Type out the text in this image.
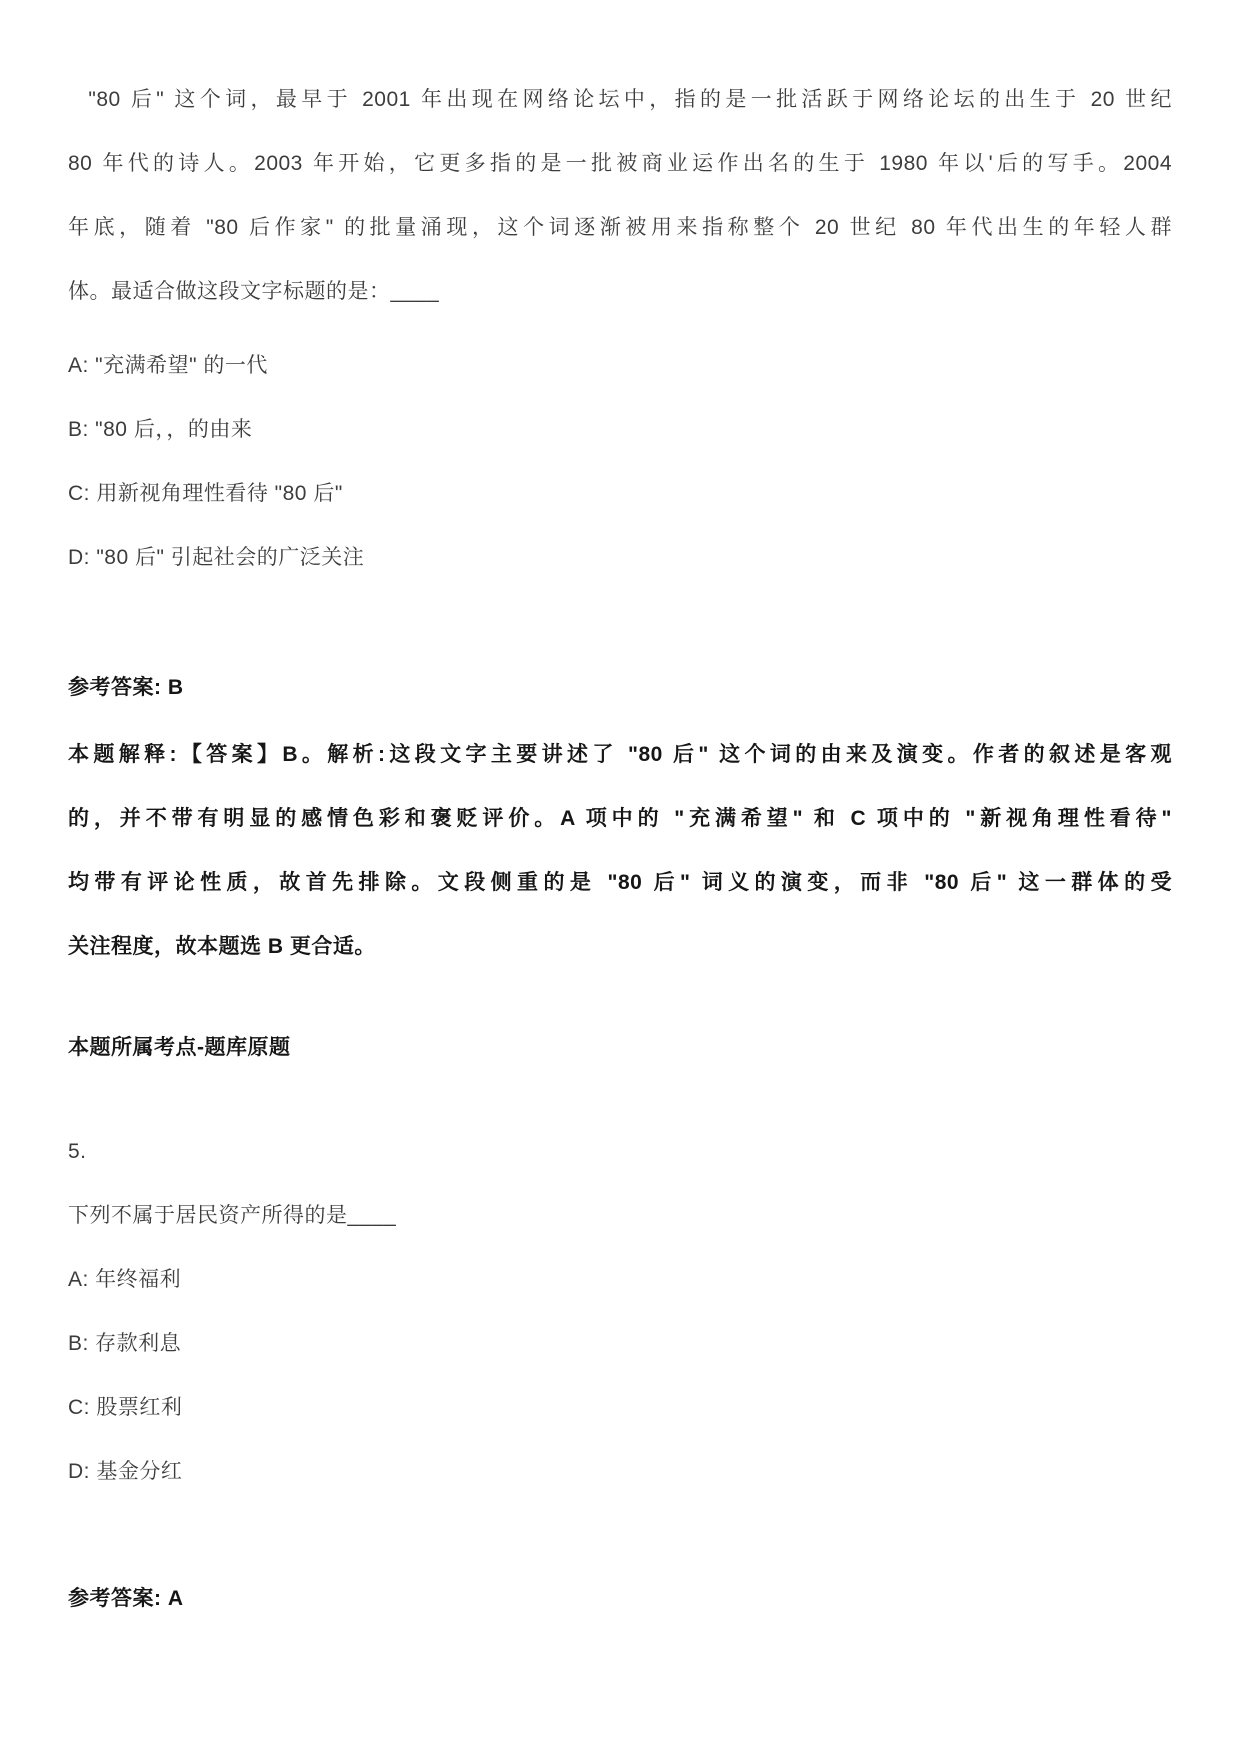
"80 后" 这个词，最早于 2001 年出现在网络论坛中，指的是一批活跃于网络论坛的出生于 20 世纪
80 年代的诗人。2003 年开始，它更多指的是一批被商业运作出名的生于 1980 年以'后的写手。2004
年底，随着 "80 后作家" 的批量涌现，这个词逐渐被用来指称整个 20 世纪 80 年代出生的年轻人群
体。最适合做这段文字标题的是：____
A: "充满希望" 的一代
B: "80 后，，的由来
C: 用新视角理性看待 "80 后"
D: "80 后" 引起社会的广泛关注
参考答案: B
本题解释:【答案】B。解析:这段文字主要讲述了 "80 后" 这个词的由来及演变。作者的叙述是客观
的，并不带有明显的感情色彩和褒贬评价。A 项中的 "充满希望" 和 C 项中的 "新视角理性看待"
均带有评论性质，故首先排除。文段侧重的是 "80 后" 词义的演变，而非 "80 后" 这一群体的受
关注程度，故本题选 B 更合适。
本题所属考点-题库原题
5.
下列不属于居民资产所得的是____
A: 年终福利
B: 存款利息
C: 股票红利
D: 基金分红
参考答案: A
